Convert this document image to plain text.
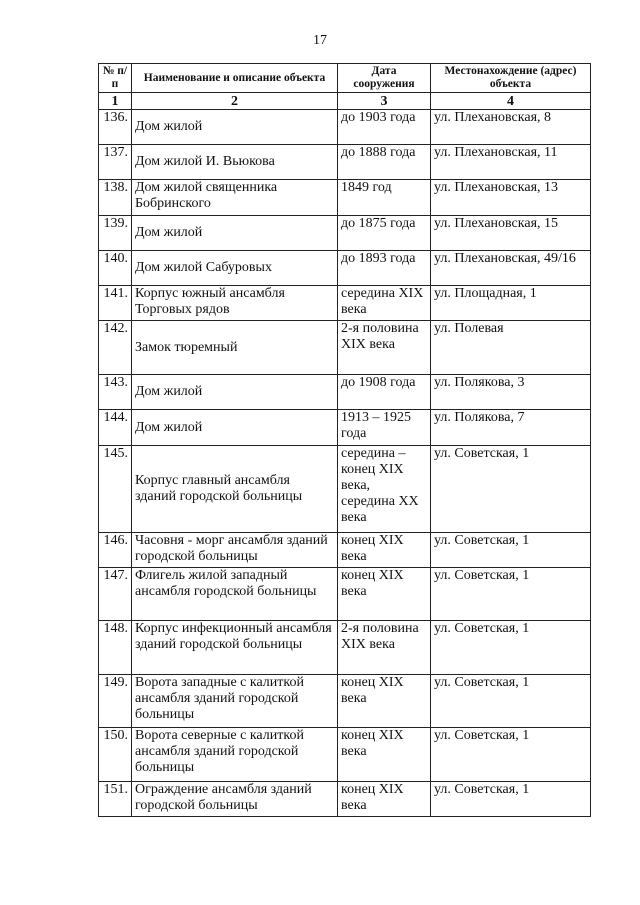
17
№ п/п	Наименование и описание объекта	Дата сооружения	Местонахождение (адрес) объекта
1	2	3	4
136.	Дом жилой	до 1903 года	ул. Плехановская, 8
137.	Дом жилой И. Вьюкова	до 1888 года	ул. Плехановская, 11
138.	Дом жилой священника Бобринского	1849 год	ул. Плехановская, 13
139.	Дом жилой	до 1875 года	ул. Плехановская, 15
140.	Дом жилой Сабуровых	до 1893 года	ул. Плехановская, 49/16
141.	Корпус южный ансамбля Торговых рядов	середина XIX века	ул. Площадная, 1
142.	Замок тюремный	2-я половина XIX века	ул. Полевая
143.	Дом жилой	до 1908 года	ул. Полякова, 3
144.	Дом жилой	1913 – 1925 года	ул. Полякова, 7
145.	Корпус главный ансамбля зданий городской больницы	середина – конец XIX века, середина XX века	ул. Советская, 1
146.	Часовня - морг ансамбля зданий городской больницы	конец XIX века	ул. Советская, 1
147.	Флигель жилой западный ансамбля городской больницы	конец XIX века	ул. Советская, 1
148.	Корпус инфекционный ансамбля зданий городской больницы	2-я половина XIX века	ул. Советская, 1
149.	Ворота западные с калиткой ансамбля зданий городской больницы	конец XIX века	ул. Советская, 1
150.	Ворота северные с калиткой ансамбля зданий городской больницы	конец XIX века	ул. Советская, 1
151.	Ограждение ансамбля зданий городской больницы	конец XIX века	ул. Советская, 1
